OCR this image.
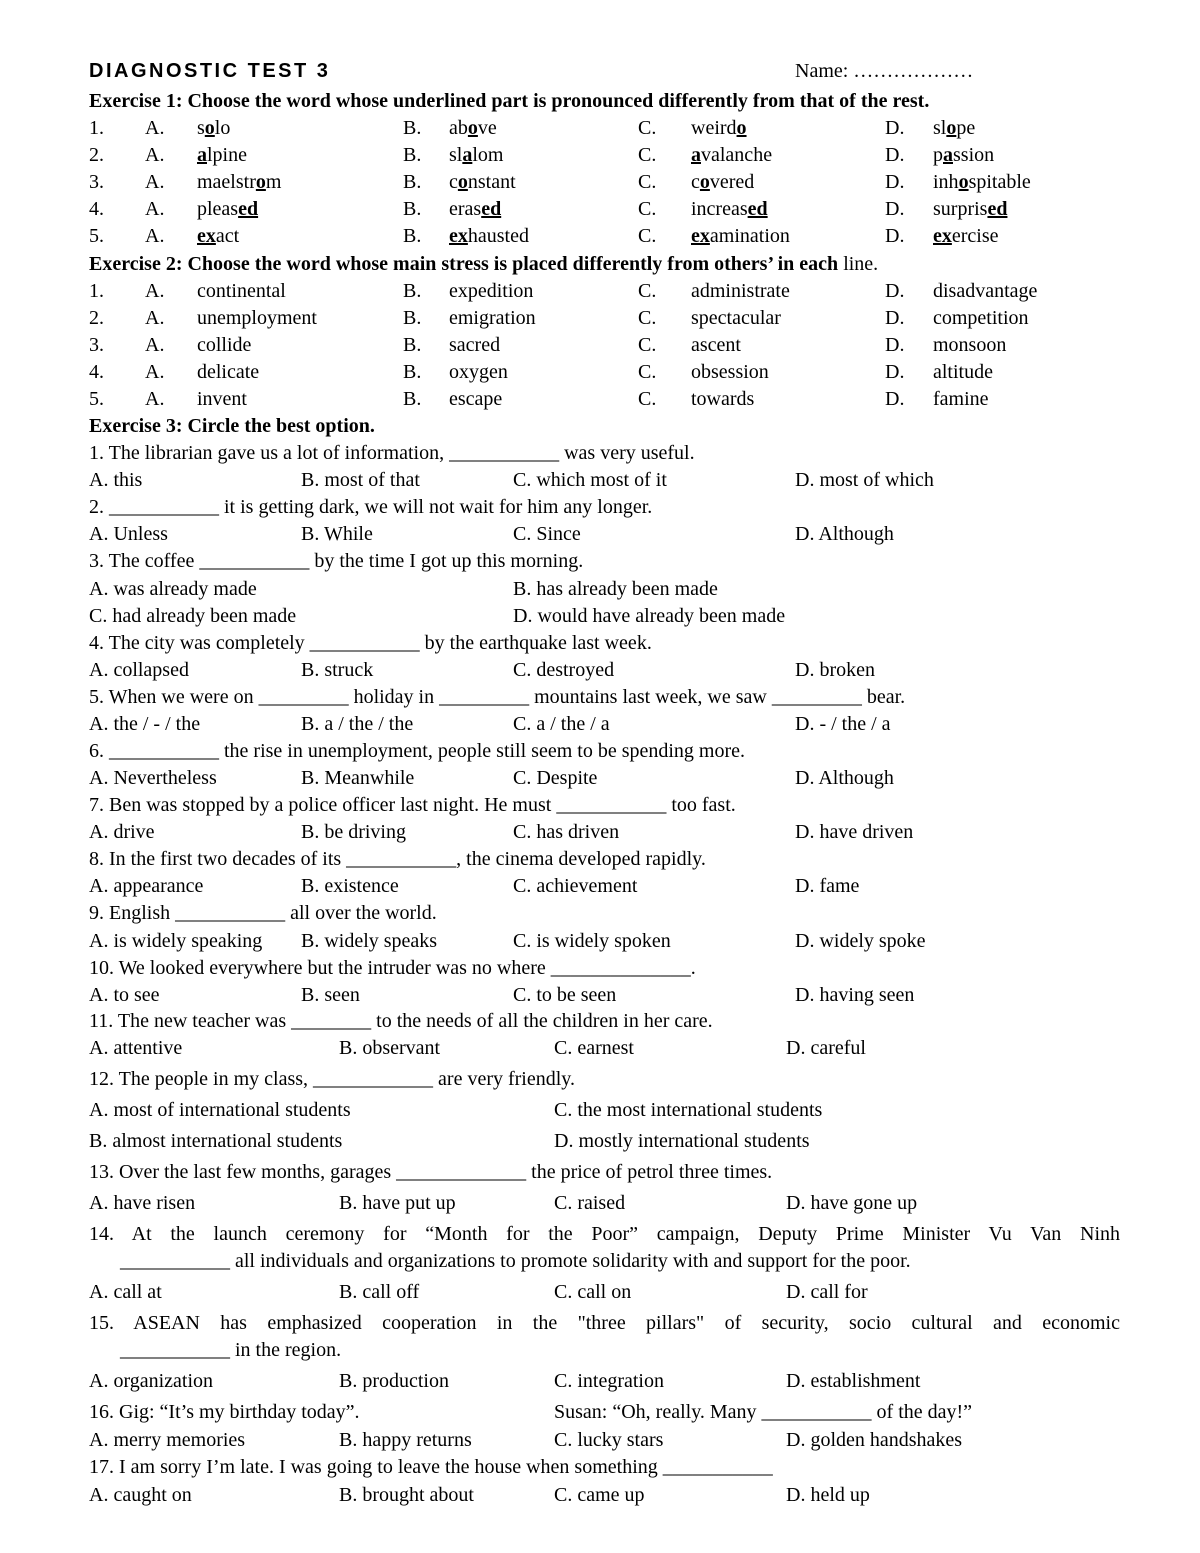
DIAGNOSTIC TEST 3	Name: ………………
Exercise 1: Choose the word whose underlined part is pronounced differently from that of the rest.
1. A. solo	B. above	C. weirdo	D. slope
2. A. alpine	B. slalom	C. avalanche	D. passion
3. A. maelstrom	B. constant	C. covered	D. inhospitable
4. A. pleased	B. erased	C. increased	D. surprised
5. A. exact	B. exhausted	C. examination	D. exercise
Exercise 2: Choose the word whose main stress is placed differently from others’ in each line.
1. A. continental	B. expedition	C. administrate	D. disadvantage
2. A. unemployment	B. emigration	C. spectacular	D. competition
3. A. collide	B. sacred	C. ascent	D. monsoon
4. A. delicate	B. oxygen	C. obsession	D. altitude
5. A. invent	B. escape	C. towards	D. famine
Exercise 3: Circle the best option.
1. The librarian gave us a lot of information, ___________ was very useful.
A. this	B. most of that	C. which most of it	D. most of which
2. ___________ it is getting dark, we will not wait for him any longer.
A. Unless	B. While	C. Since	D. Although
3. The coffee ___________ by the time I got up this morning.
A. was already made	B. has already been made
C. had already been made	D. would have already been made
4. The city was completely ___________ by the earthquake last week.
A. collapsed	B. struck	C. destroyed	D. broken
5. When we were on _________ holiday in _________ mountains last week, we saw _________ bear.
A. the / - / the	B. a / the / the	C. a / the / a	D. - / the / a
6. ___________ the rise in unemployment, people still seem to be spending more.
A. Nevertheless	B. Meanwhile	C. Despite	D. Although
7. Ben was stopped by a police officer last night. He must ___________ too fast.
A. drive	B. be driving	C. has driven	D. have driven
8. In the first two decades of its ___________, the cinema developed rapidly.
A. appearance	B. existence	C. achievement	D. fame
9. English ___________ all over the world.
A. is widely speaking B. widely speaks	C. is widely spoken	D. widely spoke
10. We looked everywhere but the intruder was no where ______________.
A. to see	B. seen	C. to be seen	D. having seen
11. The new teacher was ________ to the needs of all the children in her care.
A. attentive	B. observant	C. earnest	D. careful
12. The people in my class, ____________ are very friendly.
A. most of international students	C. the most international students
B. almost international students	D. mostly international students
13. Over the last few months, garages _____________ the price of petrol three times.
A. have risen	B. have put up	C. raised	D. have gone up
14. At the launch ceremony for “Month for the Poor” campaign, Deputy Prime Minister Vu Van Ninh
___________ all individuals and organizations to promote solidarity with and support for the poor.
A. call at	B. call off	C. call on	D. call for
15. ASEAN has emphasized cooperation in the "three pillars" of security, socio cultural and economic
___________ in the region.
A. organization	B. production	C. integration	D. establishment
16. Gig: “It’s my birthday today”.	Susan: “Oh, really. Many ___________ of the day!”
A. merry memories	B. happy returns	C. lucky stars	D. golden handshakes
17. I am sorry I’m late. I was going to leave the house when something ___________
A. caught on	B. brought about	C. came up	D. held up
